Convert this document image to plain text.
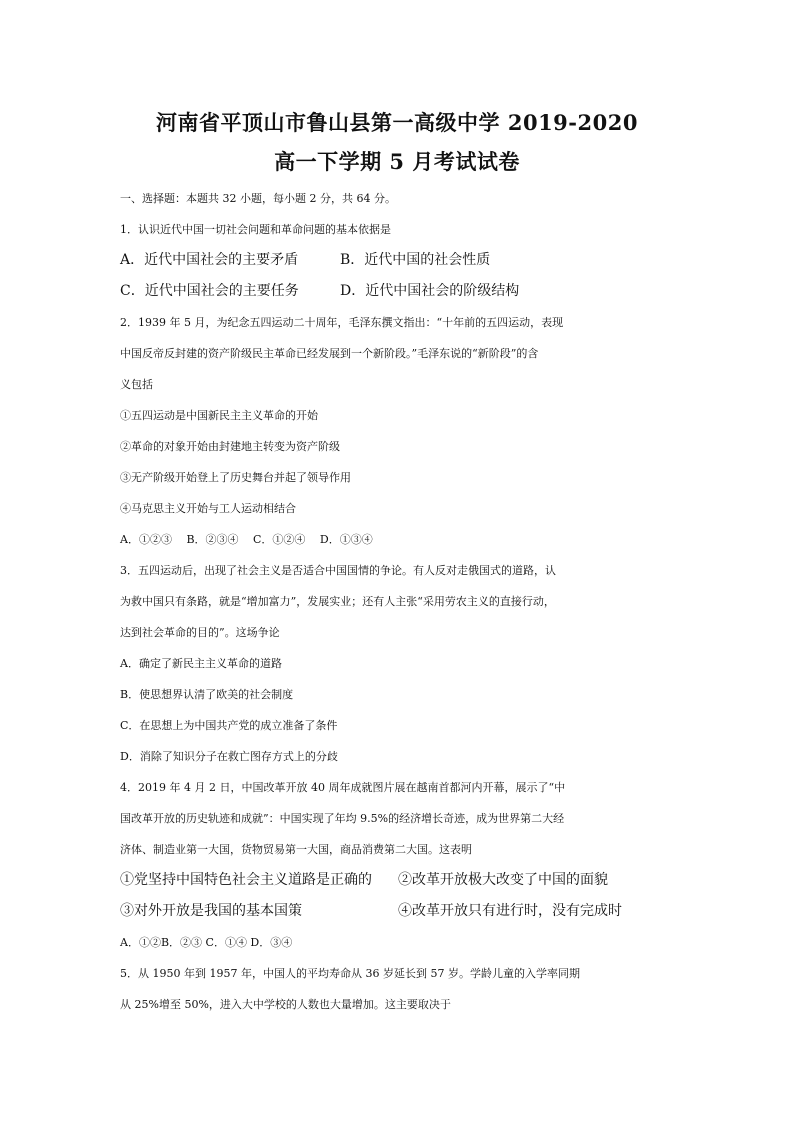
河南省平顶山市鲁山县第一高级中学 2019-2020
高一下学期 5 月考试试卷

一、选择题：本题共 32 小题，每小题 2 分，共 64 分。

1．认识近代中国一切社会问题和革命问题的基本依据是

A．近代中国社会的主要矛盾	B．近代中国的社会性质
C．近代中国社会的主要任务	D．近代中国社会的阶级结构

2．1939 年 5 月，为纪念五四运动二十周年，毛泽东撰文指出：“十年前的五四运动，表现

中国反帝反封建的资产阶级民主革命已经发展到一个新阶段。”毛泽东说的“新阶段”的含

义包括

①五四运动是中国新民主主义革命的开始

②革命的对象开始由封建地主转变为资产阶级

③无产阶级开始登上了历史舞台并起了领导作用

④马克思主义开始与工人运动相结合

A．①②③　 B．②③④　 C．①②④　 D．①③④

3．五四运动后，出现了社会主义是否适合中国国情的争论。有人反对走俄国式的道路，认

为救中国只有条路，就是“增加富力”，发展实业；还有人主张“采用劳农主义的直接行动，

达到社会革命的目的”。这场争论

A．确定了新民主主义革命的道路

B．使思想界认清了欧美的社会制度

C．在思想上为中国共产党的成立准备了条件

D．消除了知识分子在救亡图存方式上的分歧

4．2019 年 4 月 2 日，中国改革开放 40 周年成就图片展在越南首都河内开幕，展示了“中

国改革开放的历史轨迹和成就”：中国实现了年均 9.5%的经济增长奇迹，成为世界第二大经

济体、制造业第一大国，货物贸易第一大国，商品消费第二大国。这表明

①党坚持中国特色社会主义道路是正确的	②改革开放极大改变了中国的面貌
③对外开放是我国的基本国策	④改革开放只有进行时，没有完成时

A．①②B．②③ C．①④ D．③④

5．从 1950 年到 1957 年，中国人的平均寿命从 36 岁延长到 57 岁。学龄儿童的入学率同期

从 25%增至 50%，进入大中学校的人数也大量增加。这主要取决于
